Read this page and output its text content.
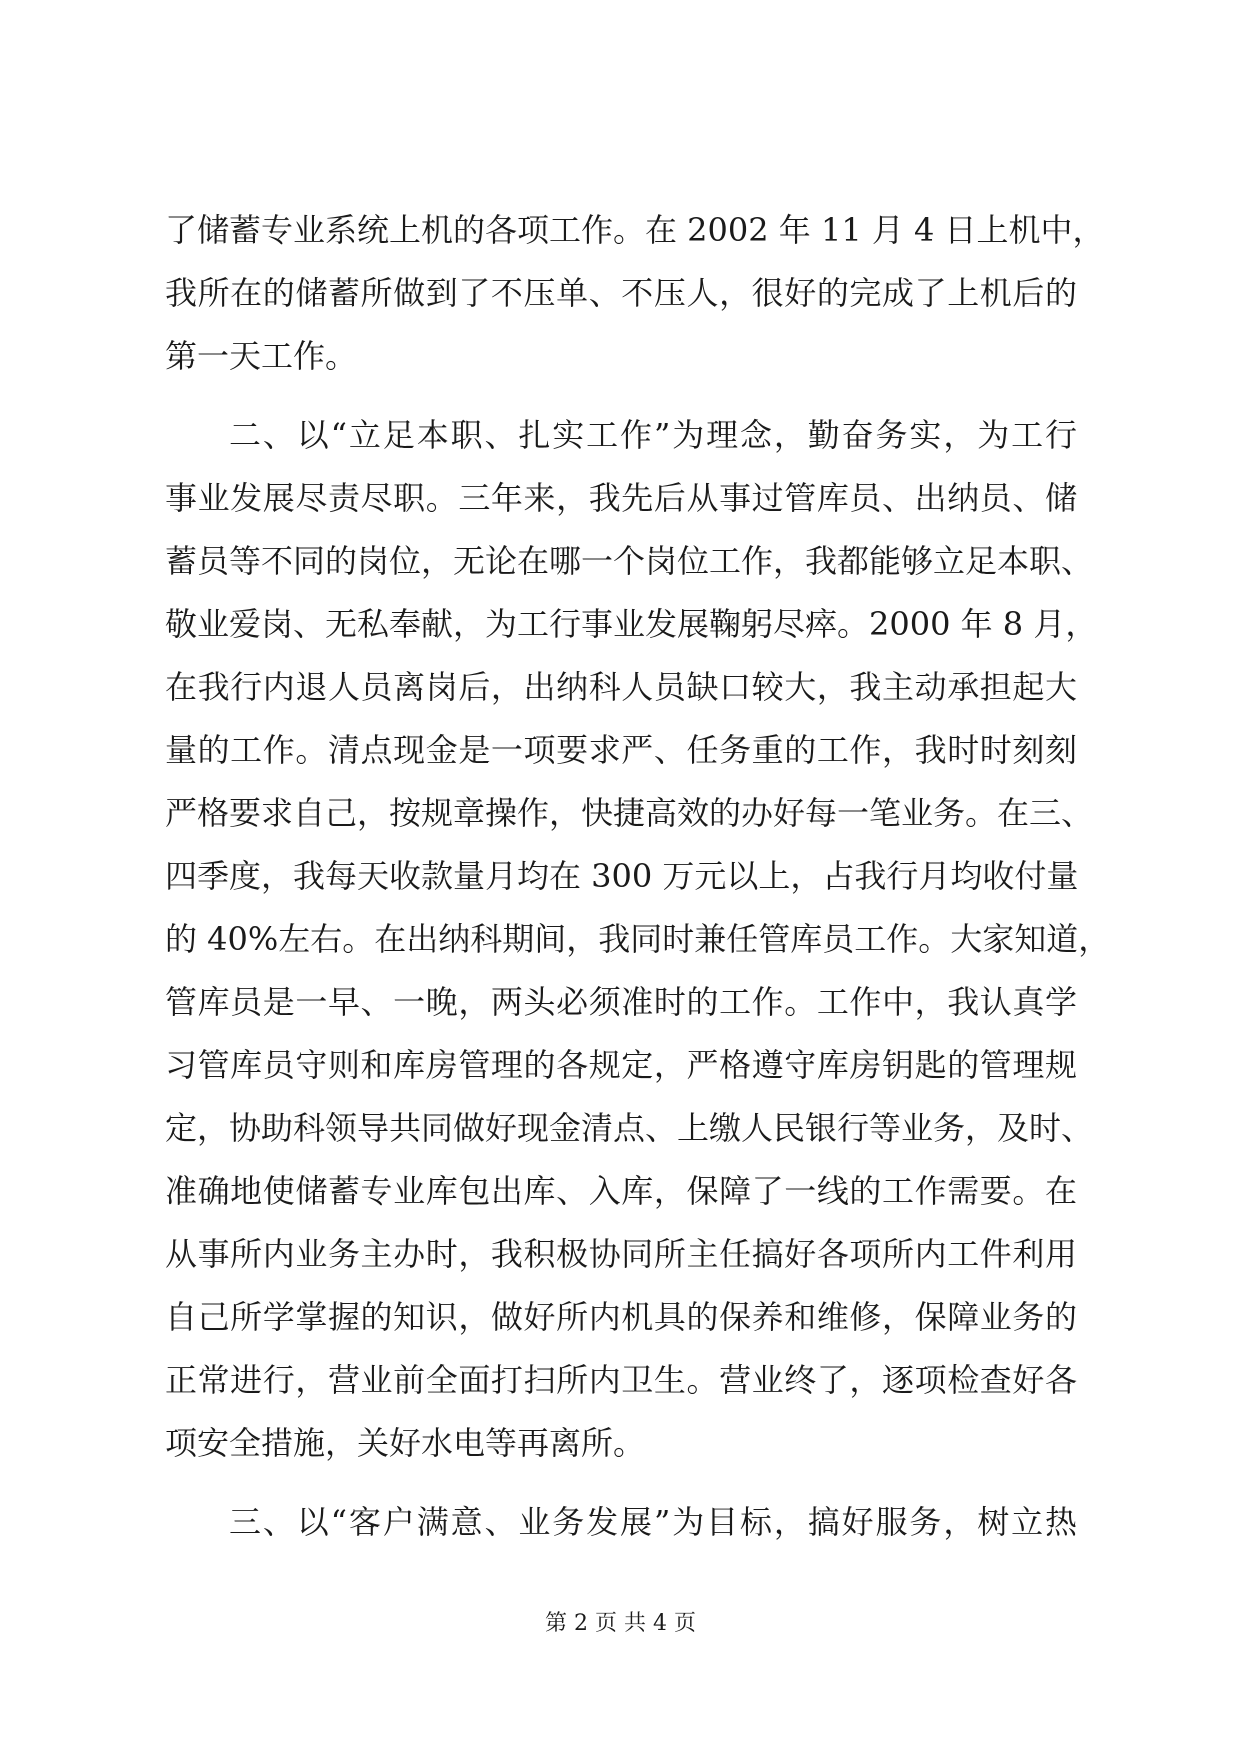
了储蓄专业系统上机的各项工作。在 2002 年 11 月 4 日上机中，
我所在的储蓄所做到了不压单、不压人，很好的完成了上机后的
第一天工作。
二、以“立足本职、扎实工作”为理念，勤奋务实，为工行
事业发展尽责尽职。三年来，我先后从事过管库员、出纳员、储
蓄员等不同的岗位，无论在哪一个岗位工作，我都能够立足本职、
敬业爱岗、无私奉献，为工行事业发展鞠躬尽瘁。2000 年 8 月，
在我行内退人员离岗后，出纳科人员缺口较大，我主动承担起大
量的工作。清点现金是一项要求严、任务重的工作，我时时刻刻
严格要求自己，按规章操作，快捷高效的办好每一笔业务。在三、
四季度，我每天收款量月均在 300 万元以上，占我行月均收付量
的 40%左右。在出纳科期间，我同时兼任管库员工作。大家知道，
管库员是一早、一晚，两头必须准时的工作。工作中，我认真学
习管库员守则和库房管理的各规定，严格遵守库房钥匙的管理规
定，协助科领导共同做好现金清点、上缴人民银行等业务，及时、
准确地使储蓄专业库包出库、入库，保障了一线的工作需要。在
从事所内业务主办时，我积极协同所主任搞好各项所内工件利用
自己所学掌握的知识，做好所内机具的保养和维修，保障业务的
正常进行，营业前全面打扫所内卫生。营业终了，逐项检查好各
项安全措施，关好水电等再离所。
三、以“客户满意、业务发展”为目标，搞好服务，树立热
第 2 页 共 4 页
